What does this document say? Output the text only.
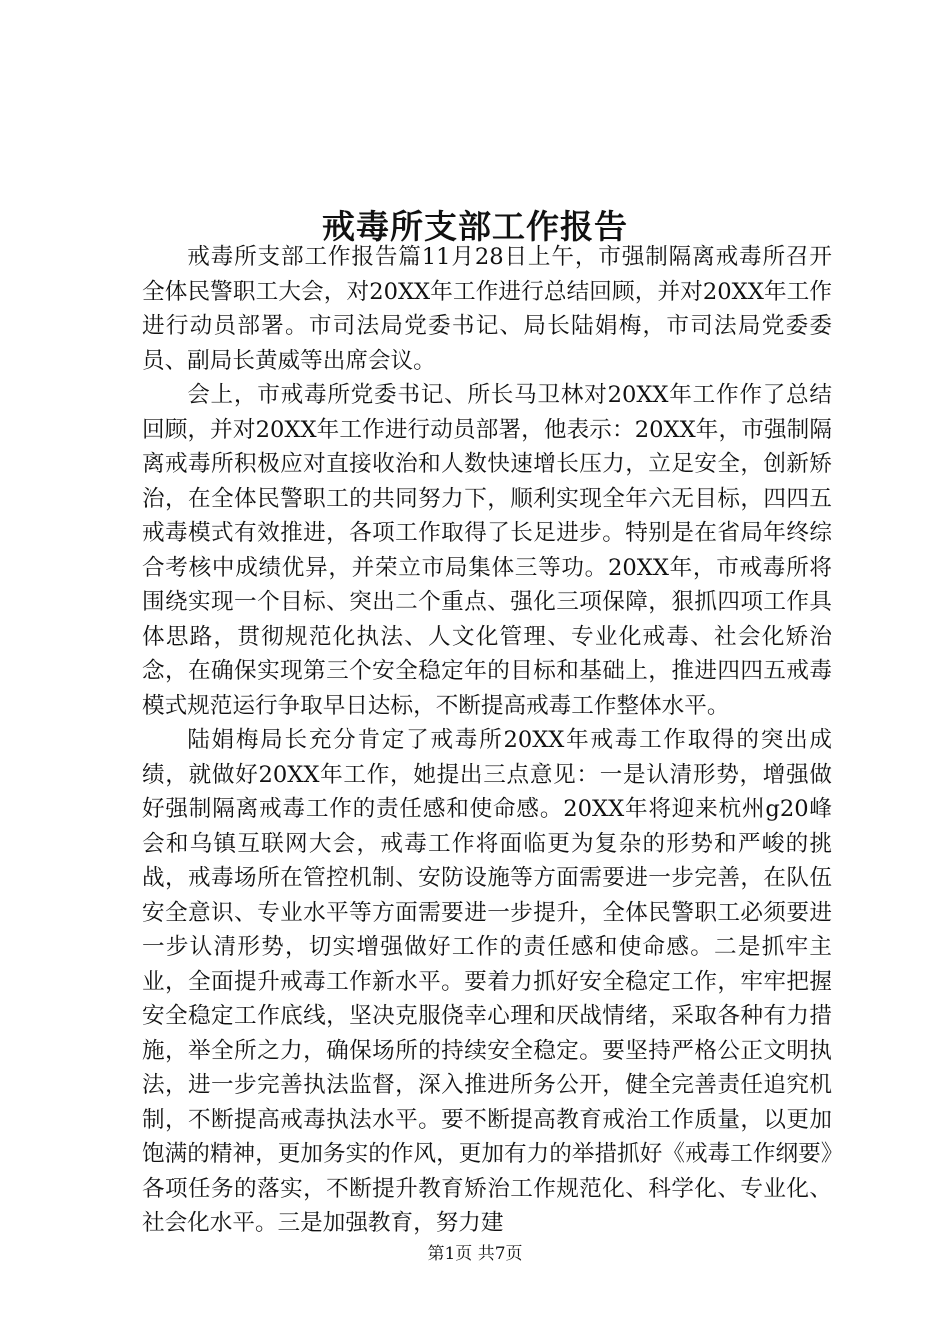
戒毒所支部工作报告

戒毒所支部工作报告篇11月28日上午，市强制隔离戒毒所召开全体民警职工大会，对20XX年工作进行总结回顾，并对20XX年工作进行动员部署。市司法局党委书记、局长陆娟梅，市司法局党委委员、副局长黄威等出席会议。

会上，市戒毒所党委书记、所长马卫林对20XX年工作作了总结回顾，并对20XX年工作进行动员部署，他表示：20XX年，市强制隔离戒毒所积极应对直接收治和人数快速增长压力，立足安全，创新矫治，在全体民警职工的共同努力下，顺利实现全年六无目标，四四五戒毒模式有效推进，各项工作取得了长足进步。特别是在省局年终综合考核中成绩优异，并荣立市局集体三等功。20XX年，市戒毒所将围绕实现一个目标、突出二个重点、强化三项保障，狠抓四项工作具体思路，贯彻规范化执法、人文化管理、专业化戒毒、社会化矫治念，在确保实现第三个安全稳定年的目标和基础上，推进四四五戒毒模式规范运行争取早日达标，不断提高戒毒工作整体水平。

陆娟梅局长充分肯定了戒毒所20XX年戒毒工作取得的突出成绩，就做好20XX年工作，她提出三点意见：一是认清形势，增强做好强制隔离戒毒工作的责任感和使命感。20XX年将迎来杭州g20峰会和乌镇互联网大会，戒毒工作将面临更为复杂的形势和严峻的挑战，戒毒场所在管控机制、安防设施等方面需要进一步完善，在队伍安全意识、专业水平等方面需要进一步提升，全体民警职工必须要进一步认清形势，切实增强做好工作的责任感和使命感。二是抓牢主业，全面提升戒毒工作新水平。要着力抓好安全稳定工作，牢牢把握安全稳定工作底线，坚决克服侥幸心理和厌战情绪，采取各种有力措施，举全所之力，确保场所的持续安全稳定。要坚持严格公正文明执法，进一步完善执法监督，深入推进所务公开，健全完善责任追究机制，不断提高戒毒执法水平。要不断提高教育戒治工作质量，以更加饱满的精神，更加务实的作风，更加有力的举措抓好《戒毒工作纲要》各项任务的落实，不断提升教育矫治工作规范化、科学化、专业化、社会化水平。三是加强教育，努力建

第1页 共7页
